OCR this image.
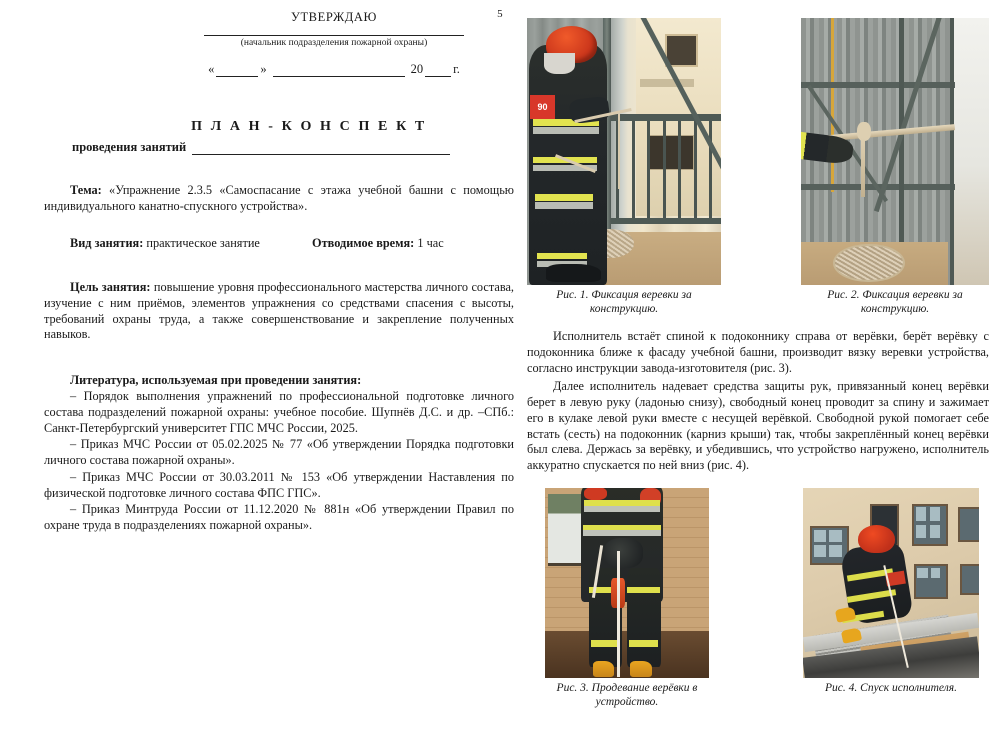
5
УТВЕРЖДАЮ
(начальник подразделения пожарной охраны)
«	»	20 г.
П Л А Н - К О Н С П Е К Т
проведения занятий
Тема: «Упражнение 2.3.5 «Самоспасание с этажа учебной башни с помощью индивидуального канатно-спускного устройства».
Вид занятия: практическое занятие	Отводимое время: 1 час
Цель занятия: повышение уровня профессионального мастерства личного состава, изучение с ним приёмов, элементов упражнения со средствами спасения с высоты, требований охраны труда, а также совершенствование и закрепление полученных навыков.
Литература, используемая при проведении занятия:
– Порядок выполнения упражнений по профессиональной подготовке личного состава подразделений пожарной охраны: учебное пособие. Шупнёв Д.С. и др. –СПб.: Санкт-Петербургский университет ГПС МЧС России, 2025.
– Приказ МЧС России от 05.02.2025 № 77 «Об утверждении Порядка подготовки личного состава пожарной охраны».
– Приказ МЧС России от 30.03.2011 № 153 «Об утверждении Наставления по физической подготовке личного состава ФПС ГПС».
– Приказ Минтруда России от 11.12.2020 № 881н «Об утверждении Правил по охране труда в подразделениях пожарной охраны».
90
Рис. 1. Фиксация веревки за конструкцию.
Рис. 2. Фиксация веревки за конструкцию.
Исполнитель встаёт спиной к подоконнику справа от верёвки, берёт верёвку с подоконника ближе к фасаду учебной башни, производит вязку веревки устройства, согласно инструкции завода-изготовителя (рис. 3).
Далее исполнитель надевает средства защиты рук, привязанный конец верёвки берет в левую руку (ладонью снизу), свободный конец проводит за спину и зажимает его в кулаке левой руки вместе с несущей верёвкой. Свободной рукой помогает себе встать (сесть) на подоконник (карниз крыши) так, чтобы закреплённый конец верёвки был слева. Держась за верёвку, и убедившись, что устройство нагружено, исполнитель аккуратно спускается по ней вниз (рис. 4).
Рис. 3. Продевание верёвки в устройство.
Рис. 4. Спуск исполнителя.
